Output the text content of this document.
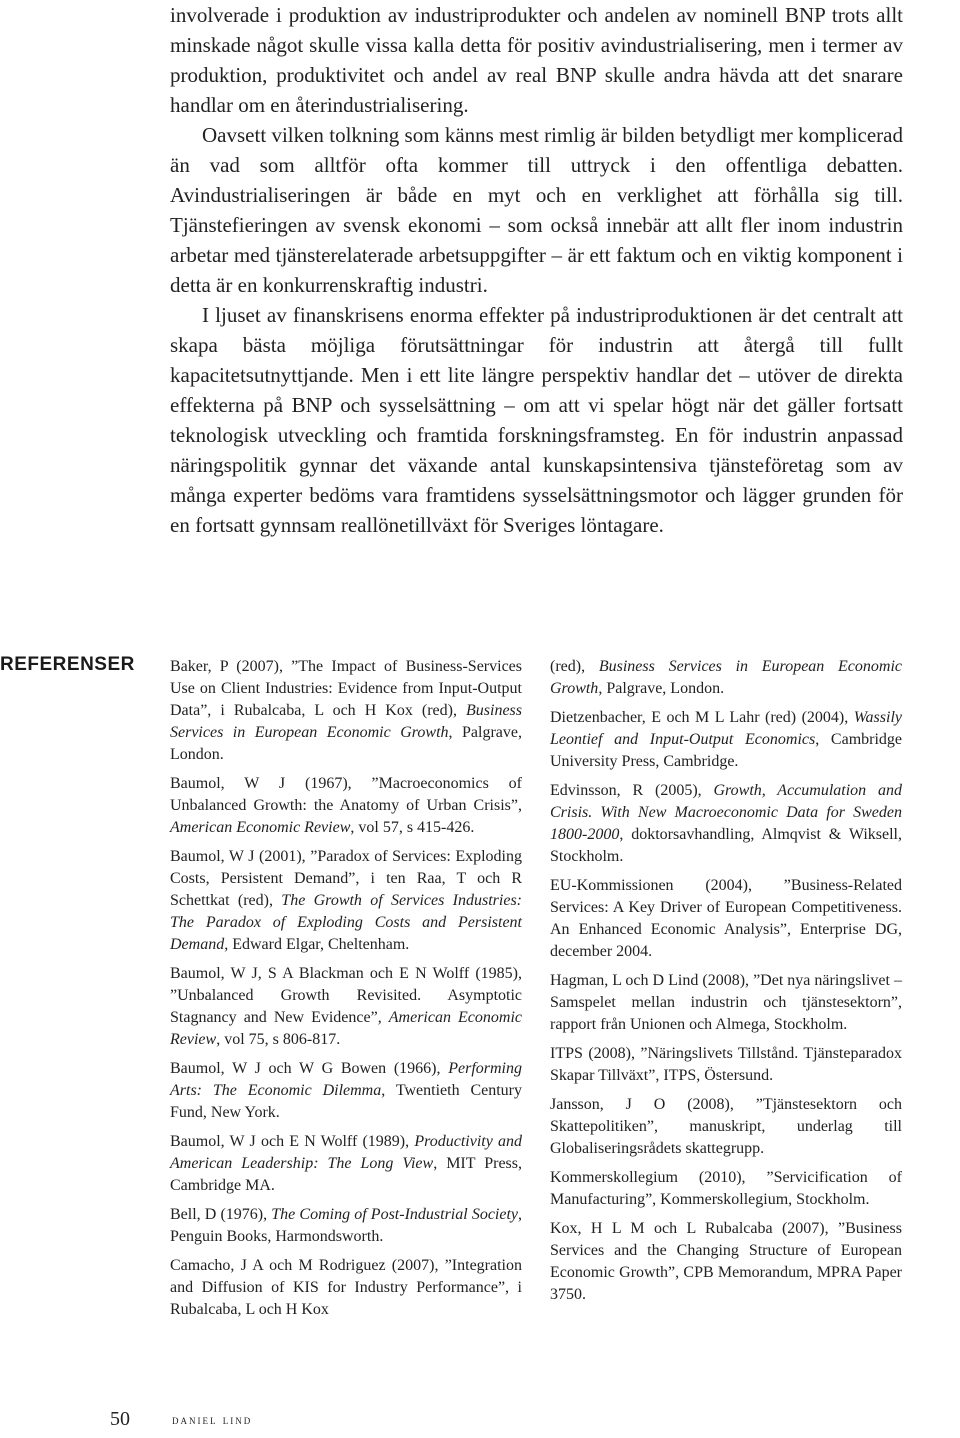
involverade i produktion av industriprodukter och andelen av nominell BNP trots allt minskade något skulle vissa kalla detta för positiv avindustrialisering, men i termer av produktion, produktivitet och andel av real BNP skulle andra hävda att det snarare handlar om en återindustrialisering.

Oavsett vilken tolkning som känns mest rimlig är bilden betydligt mer komplicerad än vad som alltför ofta kommer till uttryck i den offentliga debatten. Avindustrialiseringen är både en myt och en verklighet att förhålla sig till. Tjänstefieringen av svensk ekonomi – som också innebär att allt fler inom industrin arbetar med tjänsterelaterade arbetsuppgifter – är ett faktum och en viktig komponent i detta är en konkurrenskraftig industri.

I ljuset av finanskrisens enorma effekter på industriproduktionen är det centralt att skapa bästa möjliga förutsättningar för industrin att återgå till fullt kapacitetsutnyttjande. Men i ett lite längre perspektiv handlar det – utöver de direkta effekterna på BNP och sysselsättning – om att vi spelar högt när det gäller fortsatt teknologisk utveckling och framtida forskningsframsteg. En för industrin anpassad näringspolitik gynnar det växande antal kunskapsintensiva tjänsteföretag som av många experter bedöms vara framtidens sysselsättningsmotor och lägger grunden för en fortsatt gynnsam reallönetillväxt för Sveriges löntagare.

REFERENSER	Baker, P (2007), ”The Impact of Business-Services Use on Client Industries: Evidence from Input-Output Data”, i Rubalcaba, L och H Kox (red), Business Services in European Economic Growth, Palgrave, London.

Baumol, W J (1967), ”Macroeconomics of Unbalanced Growth: the Anatomy of Urban Crisis”, American Economic Review, vol 57, s 415-426.

Baumol, W J (2001), ”Paradox of Services: Exploding Costs, Persistent Demand”, i ten Raa, T och R Schettkat (red), The Growth of Services Industries: The Paradox of Exploding Costs and Persistent Demand, Edward Elgar, Cheltenham.

Baumol, W J, S A Blackman och E N Wolff (1985), ”Unbalanced Growth Revisited. Asymptotic Stagnancy and New Evidence”, American Economic Review, vol 75, s 806-817.

Baumol, W J och W G Bowen (1966), Performing Arts: The Economic Dilemma, Twentieth Century Fund, New York.

Baumol, W J och E N Wolff (1989), Productivity and American Leadership: The Long View, MIT Press, Cambridge MA.

Bell, D (1976), The Coming of Post-Industrial Society, Penguin Books, Harmondsworth.

Camacho, J A och M Rodriguez (2007), ”Integration and Diffusion of KIS for Industry Performance”, i Rubalcaba, L och H Kox

(red), Business Services in European Economic Growth, Palgrave, London.

Dietzenbacher, E och M L Lahr (red) (2004), Wassily Leontief and Input-Output Economics, Cambridge University Press, Cambridge.

Edvinsson, R (2005), Growth, Accumulation and Crisis. With New Macroeconomic Data for Sweden 1800-2000, doktorsavhandling, Almqvist & Wiksell, Stockholm.

EU-Kommissionen (2004), ”Business-Related Services: A Key Driver of European Competitiveness. An Enhanced Economic Analysis”, Enterprise DG, december 2004.

Hagman, L och D Lind (2008), ”Det nya näringslivet – Samspelet mellan industrin och tjänstesektorn”, rapport från Unionen och Almega, Stockholm.

ITPS (2008), ”Näringslivets Tillstånd. Tjänsteparadox Skapar Tillväxt”, ITPS, Östersund.

Jansson, J O (2008), ”Tjänstesektorn och Skattepolitiken”, manuskript, underlag till Globaliseringsrådets skattegrupp.

Kommerskollegium (2010), ”Servicification of Manufacturing”, Kommerskollegium, Stockholm.

Kox, H L M och L Rubalcaba (2007), ”Business Services and the Changing Structure of European Economic Growth”, CPB Memorandum, MPRA Paper 3750.

50	daniel lind
